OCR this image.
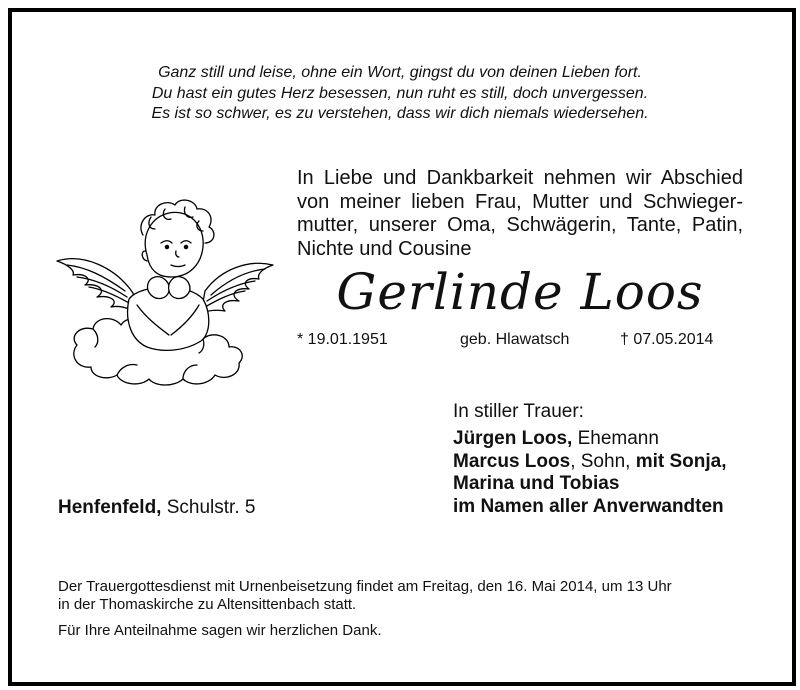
Ganz still und leise, ohne ein Wort, gingst du von deinen Lieben fort.
Du hast ein gutes Herz besessen, nun ruht es still, doch unvergessen.
Es ist so schwer, es zu verstehen, dass wir dich niemals wiedersehen.
In Liebe und Dankbarkeit nehmen wir Abschied
von meiner lieben Frau, Mutter und Schwieger-
mutter, unserer Oma, Schwägerin, Tante, Patin,
Nichte und Cousine
Gerlinde Loos
* 19.01.1951	geb. Hlawatsch	† 07.05.2014
In stiller Trauer:
Jürgen Loos, Ehemann
Marcus Loos, Sohn, mit Sonja,
Marina und Tobias
im Namen aller Anverwandten
Henfenfeld, Schulstr. 5
Der Trauergottesdienst mit Urnenbeisetzung findet am Freitag, den 16. Mai 2014, um 13 Uhr
in der Thomaskirche zu Altensittenbach statt.
Für Ihre Anteilnahme sagen wir herzlichen Dank.
